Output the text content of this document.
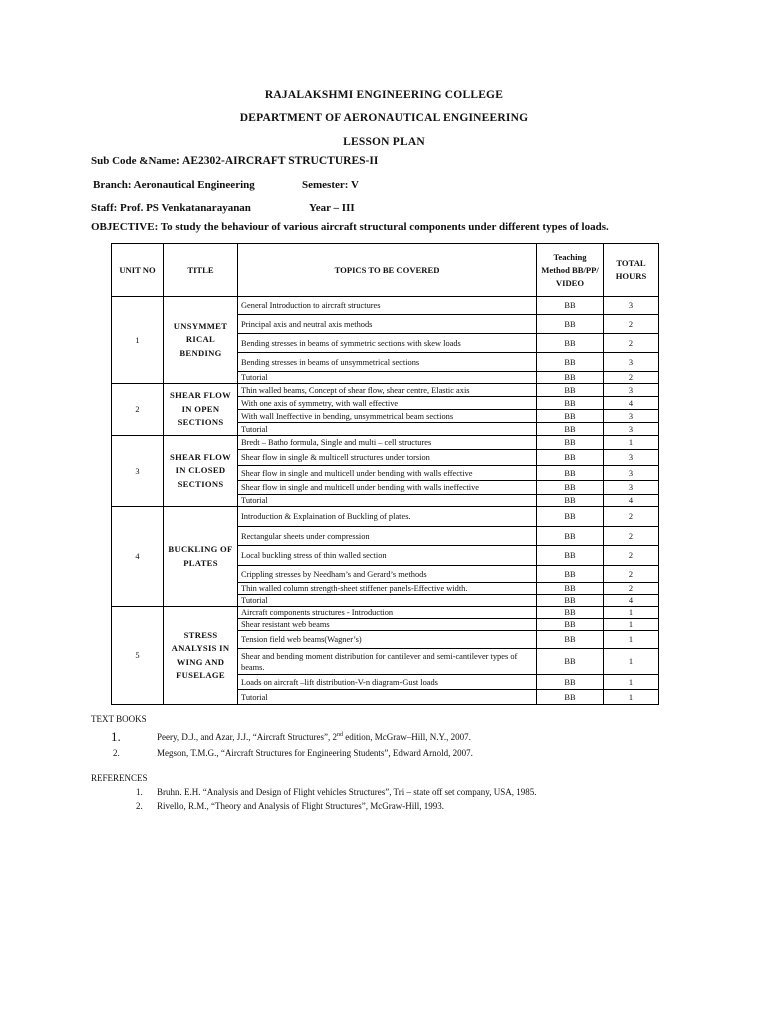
RAJALAKSHMI ENGINEERING COLLEGE
DEPARTMENT OF AERONAUTICAL ENGINEERING
LESSON PLAN
Sub Code &Name: AE2302-AIRCRAFT STRUCTURES-II
Branch: Aeronautical Engineering	Semester: V
Staff: Prof. PS Venkatanarayanan	Year – III
OBJECTIVE: To study the behaviour of various aircraft structural components under different types of loads.
UNIT NO	TITLE	TOPICS TO BE COVERED	Teaching Method BB/PP/ VIDEO	TOTAL HOURS
1	UNSYMMET RICAL BENDING	General Introduction to aircraft structures	BB	3
		Principal axis and neutral axis methods	BB	2
		Bending stresses in beams of symmetric sections with skew loads	BB	2
		Bending stresses in beams of unsymmetrical sections	BB	3
		Tutorial	BB	2
2	SHEAR FLOW IN OPEN SECTIONS	Thin walled beams, Concept of shear flow, shear centre, Elastic axis	BB	3
		With one axis of symmetry, with wall effective	BB	4
		With wall Ineffective in bending, unsymmetrical beam sections	BB	3
		Tutorial	BB	3
3	SHEAR FLOW IN CLOSED SECTIONS	Bredt – Batho formula, Single and multi – cell structures	BB	1
		Shear flow in single & multicell structures under torsion	BB	3
		Shear flow in single and multicell under bending with walls effective	BB	3
		Shear flow in single and multicell under bending with walls ineffective	BB	3
		Tutorial	BB	4
4	BUCKLING OF PLATES	Introduction & Explaination of Buckling of plates.	BB	2
		Rectangular sheets under compression	BB	2
		Local buckling stress of thin walled section	BB	2
		Crippling stresses by Needham’s and Gerard’s methods	BB	2
		Thin walled column strength-sheet stiffener panels-Effective width.	BB	2
		Tutorial	BB	4
5	STRESS ANALYSIS IN WING AND FUSELAGE	Aircraft components structures - Introduction	BB	1
		Shear resistant web beams	BB	1
		Tension field web beams(Wagner’s)	BB	1
		Shear and bending moment distribution for cantilever and semi-cantilever types of beams.	BB	1
		Loads on aircraft –lift distribution-V-n diagram-Gust loads	BB	1
		Tutorial	BB	1
TEXT BOOKS
1.	Peery, D.J., and Azar, J.J., “Aircraft Structures”, 2nd edition, McGraw–Hill, N.Y., 2007.
2.	Megson, T.M.G., “Aircraft Structures for Engineering Students”, Edward Arnold, 2007.
REFERENCES
1. Bruhn. E.H. “Analysis and Design of Flight vehicles Structures”, Tri – state off set company, USA, 1985.
2. Rivello, R.M., “Theory and Analysis of Flight Structures”, McGraw-Hill, 1993.
